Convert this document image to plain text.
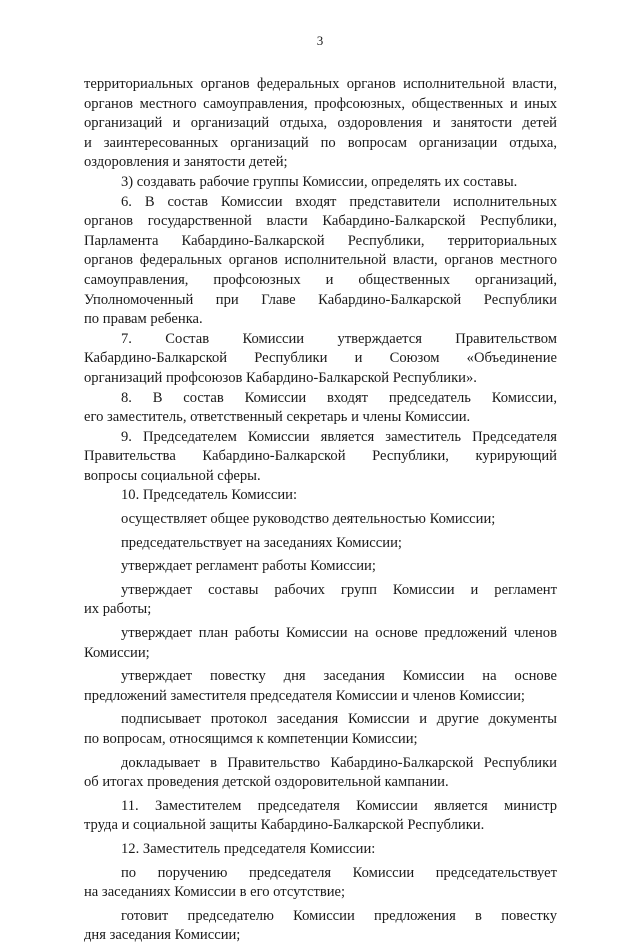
3

территориальных органов федеральных органов исполнительной власти,
органов местного самоуправления, профсоюзных, общественных и иных
организаций и организаций отдыха, оздоровления и занятости детей
и заинтересованных организаций по вопросам организации отдыха,
оздоровления и занятости детей;

3) создавать рабочие группы Комиссии, определять их составы.

6. В состав Комиссии входят представители исполнительных
органов государственной власти Кабардино-Балкарской Республики,
Парламента Кабардино-Балкарской Республики, территориальных
органов федеральных органов исполнительной власти, органов местного
самоуправления, профсоюзных и общественных организаций,
Уполномоченный при Главе Кабардино-Балкарской Республики
по правам ребенка.

7. Состав Комиссии утверждается Правительством
Кабардино-Балкарской Республики и Союзом «Объединение
организаций профсоюзов Кабардино-Балкарской Республики».

8. В состав Комиссии входят председатель Комиссии,
его заместитель, ответственный секретарь и члены Комиссии.

9. Председателем Комиссии является заместитель Председателя
Правительства Кабардино-Балкарской Республики, курирующий
вопросы социальной сферы.

10. Председатель Комиссии:

осуществляет общее руководство деятельностью Комиссии;

председательствует на заседаниях Комиссии;

утверждает регламент работы Комиссии;

утверждает составы рабочих групп Комиссии и регламент
их работы;

утверждает план работы Комиссии на основе предложений членов
Комиссии;

утверждает повестку дня заседания Комиссии на основе
предложений заместителя председателя Комиссии и членов Комиссии;

подписывает протокол заседания Комиссии и другие документы
по вопросам, относящимся к компетенции Комиссии;

докладывает в Правительство Кабардино-Балкарской Республики
об итогах проведения детской оздоровительной кампании.

11. Заместителем председателя Комиссии является министр
труда и социальной защиты Кабардино-Балкарской Республики.

12. Заместитель председателя Комиссии:

по поручению председателя Комиссии председательствует
на заседаниях Комиссии в его отсутствие;

готовит председателю Комиссии предложения в повестку
дня заседания Комиссии;
